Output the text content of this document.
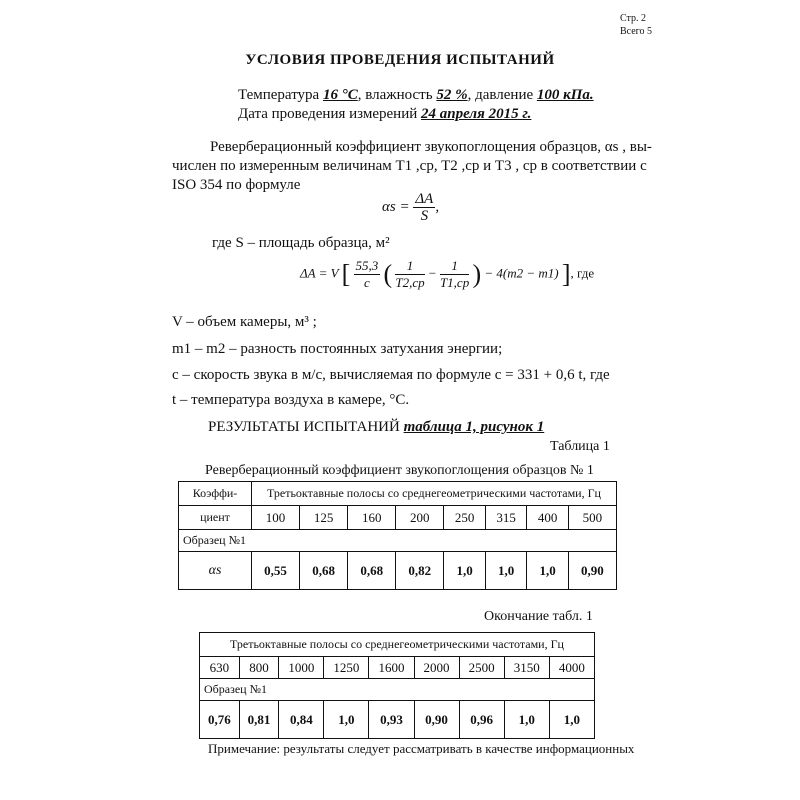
Стр. 2
Всего 5
УСЛОВИЯ ПРОВЕДЕНИЯ ИСПЫТАНИЙ
Температура 16 °С, влажность 52 %, давление 100 кПа.
Дата проведения измерений 24 апреля 2015 г.
Реверберационный коэффициент звукопоглощения образцов, αs , вы-
числен по измеренным величинам T1 ,cp, T2 ,cp и T3 , cp в соответствии с
ISO 354 по формуле
$\alpha s = \frac{\Delta A}{S}$ ,
где S – площадь образца, м²
ΔA = V [ $\frac{55,3}{c}$ ( $\frac{1}{T2,cp} - \frac{1}{T1,cp}$ ) − 4(m2 − m1) ], где
V – объем камеры, м³ ;
m1 – m2 – разность постоянных затухания энергии;
с – скорость звука в м/с, вычисляемая по формуле с = 331 + 0,6 t, где
t – температура воздуха в камере, °С.
РЕЗУЛЬТАТЫ ИСПЫТАНИЙ таблица 1, рисунок 1
Таблица 1
Реверберационный коэффициент звукопоглощения образцов № 1
Коэффи-	Третьоктавные полосы со среднегеометрическими частотами, Гц							
циент	100	125	160	200	250	315	400	500
Образец №1								
αs	0,55	0,68	0,68	0,82	1,0	1,0	1,0	0,90
Окончание табл. 1
Третьоктавные полосы со среднегеометрическими частотами, Гц								
630	800	1000	1250	1600	2000	2500	3150	4000
Образец №1								
0,76	0,81	0,84	1,0	0,93	0,90	0,96	1,0	1,0
Примечание: результаты следует рассматривать в качестве информационных
